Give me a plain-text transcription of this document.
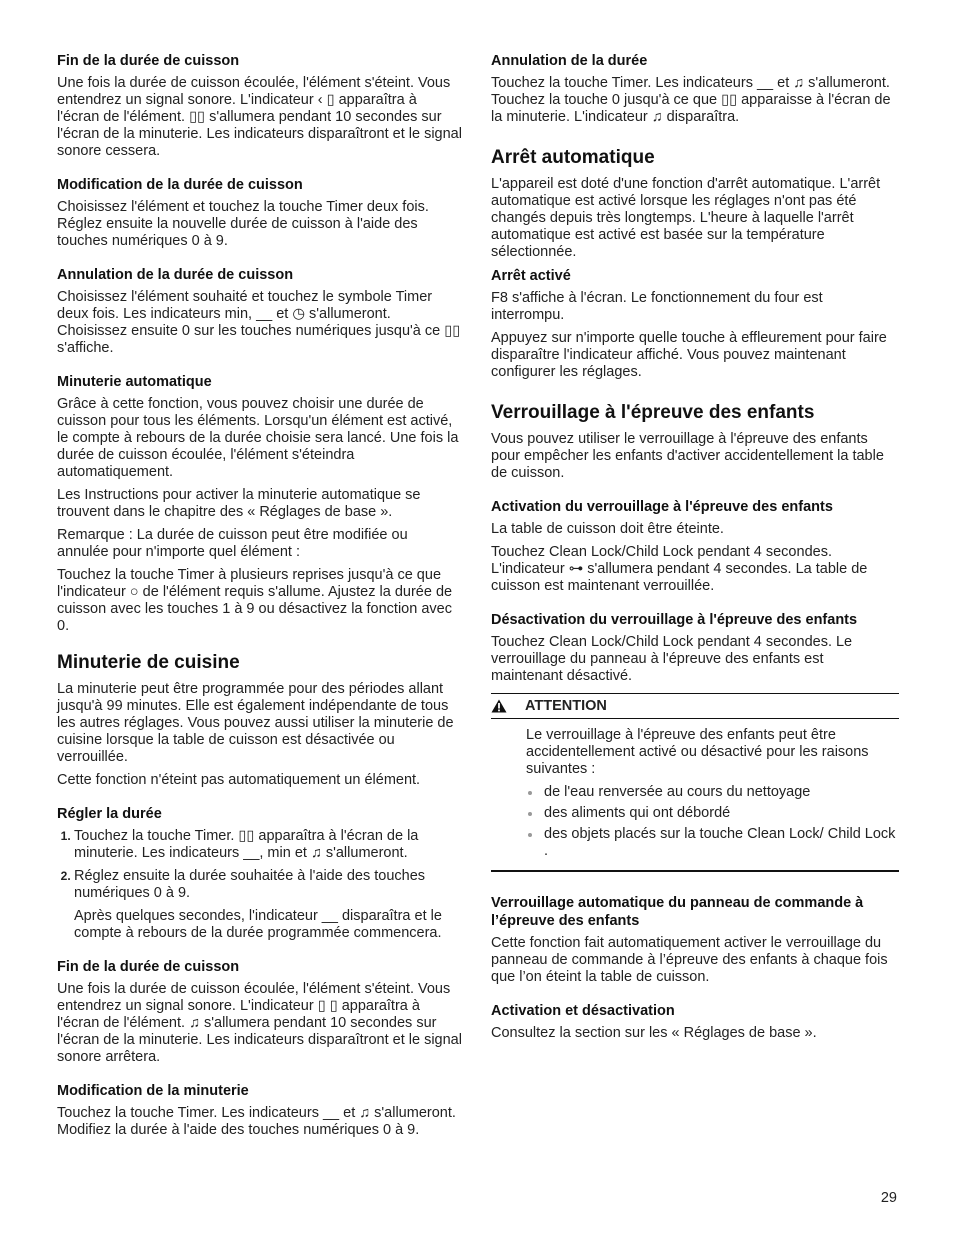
Fin de la durée de cuisson

Une fois la durée de cuisson écoulée, l'élément s'éteint. Vous entendrez un signal sonore. L'indicateur ‹ ▯ apparaîtra à l'écran de l'élément. ▯▯ s'allumera pendant 10 secondes sur l'écran de la minuterie. Les indicateurs disparaîtront et le signal sonore cessera.

Modification de la durée de cuisson

Choisissez l'élément et touchez la touche Timer deux fois. Réglez ensuite la nouvelle durée de cuisson à l'aide des touches numériques 0 à 9.

Annulation de la durée de cuisson

Choisissez l'élément souhaité et touchez le symbole Timer deux fois. Les indicateurs min, __ et ◷ s'allumeront. Choisissez ensuite 0 sur les touches numériques jusqu'à ce ▯▯ s'affiche.

Minuterie automatique

Grâce à cette fonction, vous pouvez choisir une durée de cuisson pour tous les éléments. Lorsqu'un élément est activé, le compte à rebours de la durée choisie sera lancé. Une fois la durée de cuisson écoulée, l'élément s'éteindra automatiquement.

Les Instructions pour activer la minuterie automatique se trouvent dans le chapitre des « Réglages de base ».

Remarque : La durée de cuisson peut être modifiée ou annulée pour n'importe quel élément :

Touchez la touche Timer à plusieurs reprises jusqu'à ce que l'indicateur ○ de l'élément requis s'allume. Ajustez la durée de cuisson avec les touches 1 à 9 ou désactivez la fonction avec 0.

Minuterie de cuisine

La minuterie peut être programmée pour des périodes allant jusqu'à 99 minutes. Elle est également indépendante de tous les autres réglages. Vous pouvez aussi utiliser la minuterie de cuisine lorsque la table de cuisson est désactivée ou verrouillée.

Cette fonction n'éteint pas automatiquement un élément.

Régler la durée
1. Touchez la touche Timer. ▯▯ apparaîtra à l'écran de la minuterie. Les indicateurs __, min et ♫ s'allumeront.
2. Réglez ensuite la durée souhaitée à l'aide des touches numériques 0 à 9.
Après quelques secondes, l'indicateur __ disparaîtra et le compte à rebours de la durée programmée commencera.
Fin de la durée de cuisson

Une fois la durée de cuisson écoulée, l'élément s'éteint. Vous entendrez un signal sonore. L'indicateur ▯ ▯ apparaîtra à l'écran de l'élément. ♫ s'allumera pendant 10 secondes sur l'écran de la minuterie. Les indicateurs disparaîtront et le signal sonore arrêtera.

Modification de la minuterie

Touchez la touche Timer. Les indicateurs __ et ♫ s'allumeront. Modifiez la durée à l'aide des touches numériques 0 à 9.

Annulation de la durée

Touchez la touche Timer. Les indicateurs __ et ♫ s'allumeront. Touchez la touche 0 jusqu'à ce que ▯▯ apparaisse à l'écran de la minuterie. L'indicateur ♫ disparaîtra.

Arrêt automatique

L'appareil est doté d'une fonction d'arrêt automatique. L'arrêt automatique est activé lorsque les réglages n'ont pas été changés depuis très longtemps. L'heure à laquelle l'arrêt automatique est activé est basée sur la température sélectionnée.

Arrêt activé

F8 s'affiche à l'écran. Le fonctionnement du four est interrompu.

Appuyez sur n'importe quelle touche à effleurement pour faire disparaître l'indicateur affiché. Vous pouvez maintenant configurer les réglages.

Verrouillage à l'épreuve des enfants

Vous pouvez utiliser le verrouillage à l'épreuve des enfants pour empêcher les enfants d'activer accidentellement la table de cuisson.

Activation du verrouillage à l'épreuve des enfants

La table de cuisson doit être éteinte.

Touchez Clean Lock/Child Lock pendant 4 secondes. L'indicateur ⊶ s'allumera pendant 4 secondes. La table de cuisson est maintenant verrouillée.

Désactivation du verrouillage à l'épreuve des enfants

Touchez Clean Lock/Child Lock pendant 4 secondes. Le verrouillage du panneau à l'épreuve des enfants est maintenant désactivé.

ATTENTION

Le verrouillage à l'épreuve des enfants peut être accidentellement activé ou désactivé pour les raisons suivantes :

de l'eau renversée au cours du nettoyage
des aliments qui ont débordé
des objets placés sur la touche Clean Lock/ Child Lock .
Verrouillage automatique du panneau de commande à l’épreuve des enfants

Cette fonction fait automatiquement activer le verrouillage du panneau de commande à l’épreuve des enfants à chaque fois que l’on éteint la table de cuisson.

Activation et désactivation

Consultez la section sur les « Réglages de base ».

29
